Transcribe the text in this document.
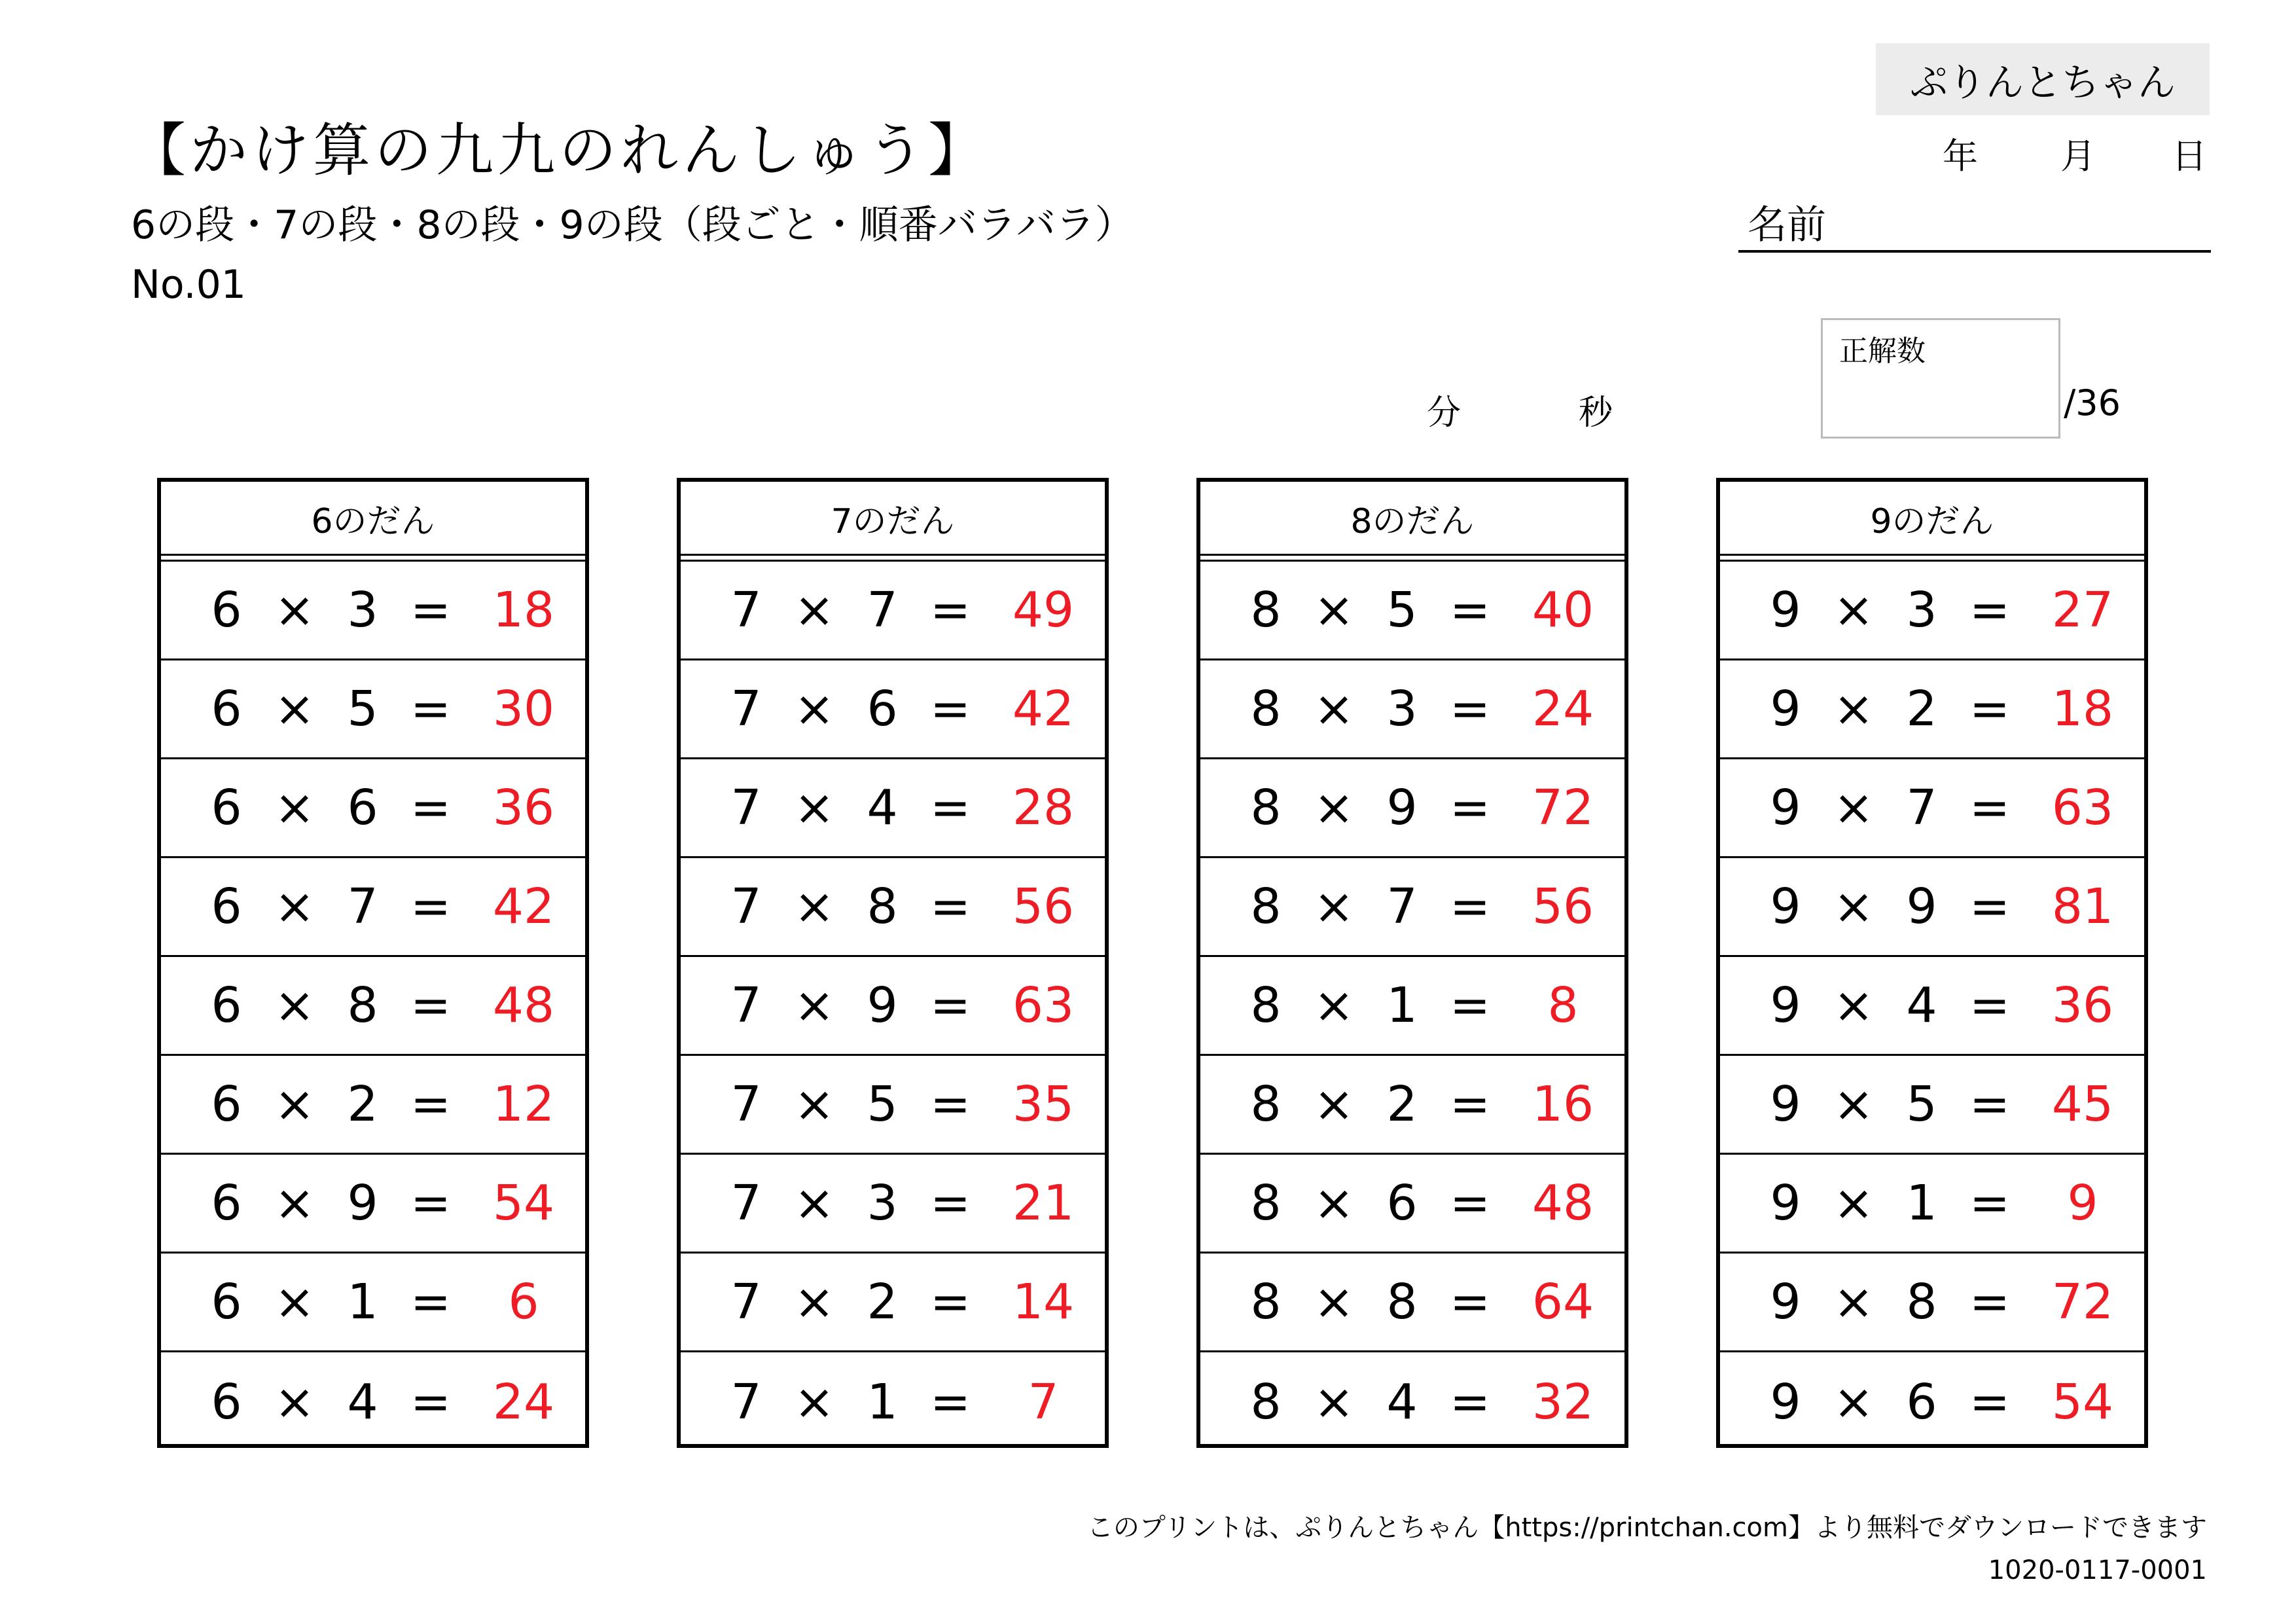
【かけ算の九九のれんしゅう】
6の段・7の段・8の段・9の段（段ごと・順番バラバラ）
No.01
ぷりんとちゃん
年 月 日
名前
分	秒
正解数
/36
6のだん
6 × 3 = 18
6 × 5 = 30
6 × 6 = 36
6 × 7 = 42
6 × 8 = 48
6 × 2 = 12
6 × 9 = 54
6 × 1 = 6
6 × 4 = 24
7のだん
7 × 7 = 49
7 × 6 = 42
7 × 4 = 28
7 × 8 = 56
7 × 9 = 63
7 × 5 = 35
7 × 3 = 21
7 × 2 = 14
7 × 1 = 7
8のだん
8 × 5 = 40
8 × 3 = 24
8 × 9 = 72
8 × 7 = 56
8 × 1 = 8
8 × 2 = 16
8 × 6 = 48
8 × 8 = 64
8 × 4 = 32
9のだん
9 × 3 = 27
9 × 2 = 18
9 × 7 = 63
9 × 9 = 81
9 × 4 = 36
9 × 5 = 45
9 × 1 = 9
9 × 8 = 72
9 × 6 = 54
このプリントは、ぷりんとちゃん【https://printchan.com】より無料でダウンロードできます
1020-0117-0001
